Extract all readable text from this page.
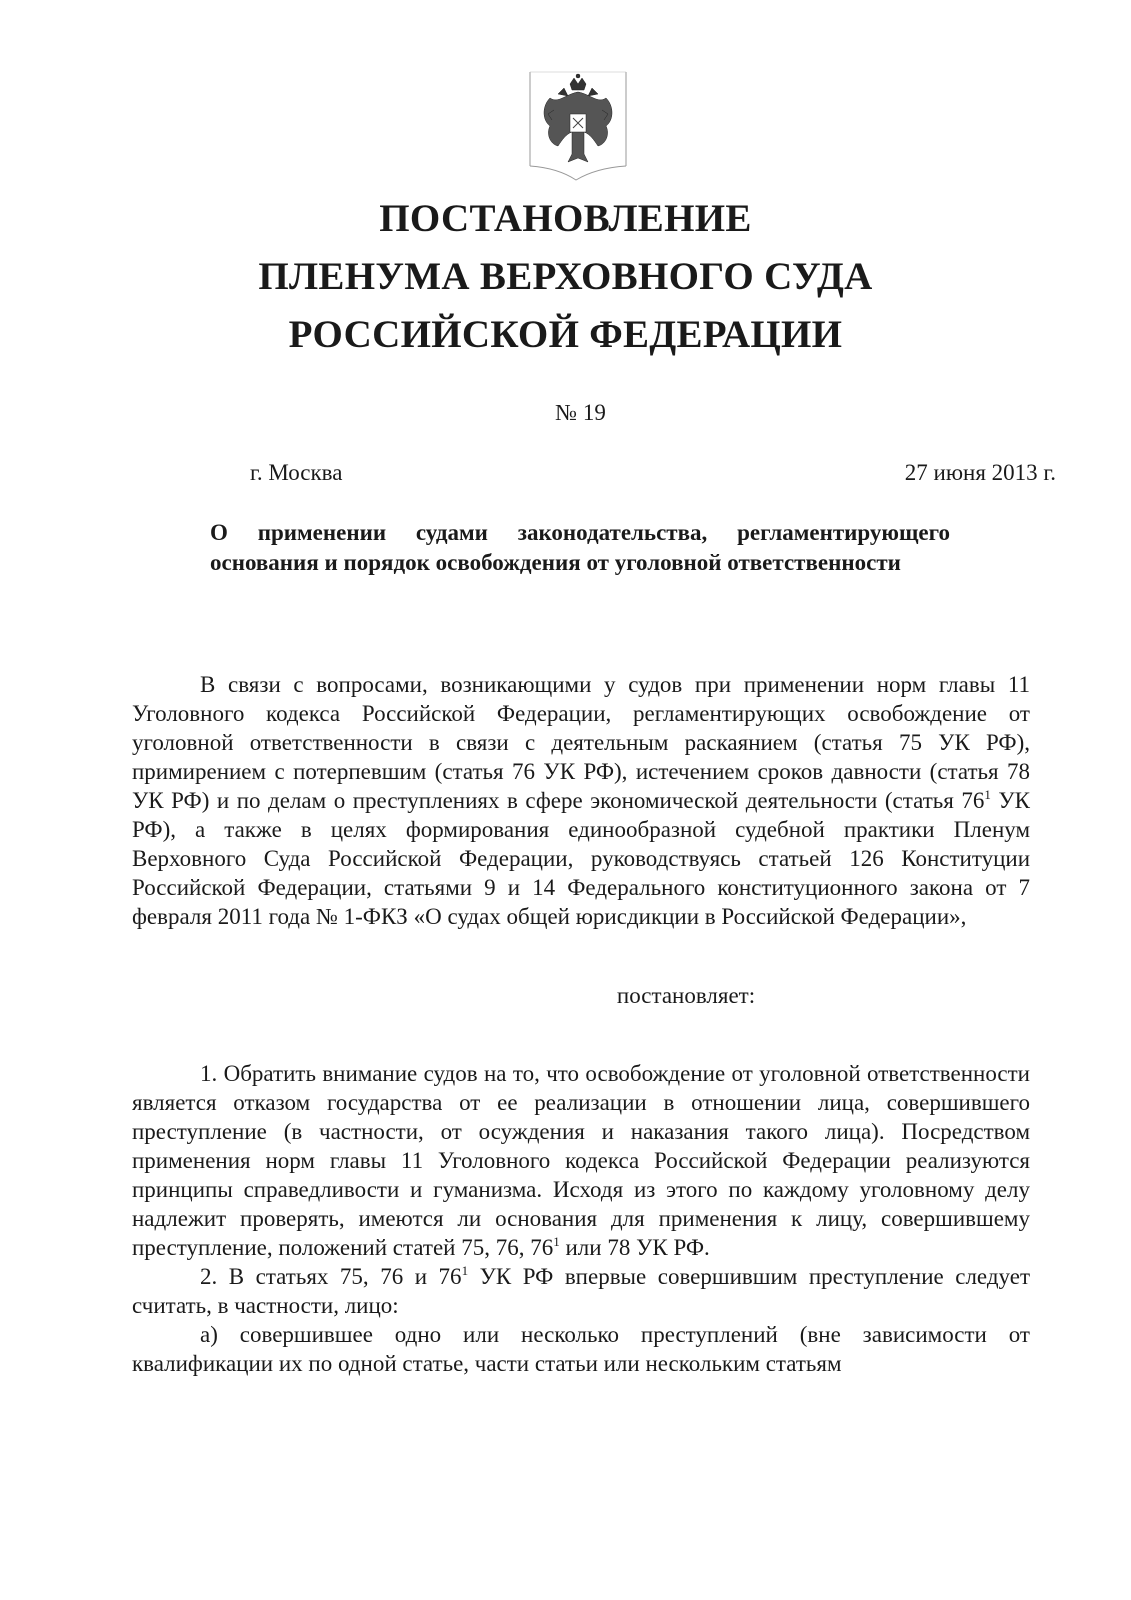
ПОСТАНОВЛЕНИЕ
ПЛЕНУМА ВЕРХОВНОГО СУДА
РОССИЙСКОЙ ФЕДЕРАЦИИ
№ 19
г. Москва	27 июня 2013 г.
О применении судами законодательства, регламентирующего основания и порядок освобождения от уголовной ответственности

В связи с вопросами, возникающими у судов при применении норм главы 11 Уголовного кодекса Российской Федерации, регламентирующих освобождение от уголовной ответственности в связи с деятельным раскаянием (статья 75 УК РФ), примирением с потерпевшим (статья 76 УК РФ), истечением сроков давности (статья 78 УК РФ) и по делам о преступлениях в сфере экономической деятельности (статья $76^1$ УК РФ), а также в целях формирования единообразной судебной практики Пленум Верховного Суда Российской Федерации, руководствуясь статьей 126 Конституции Российской Федерации, статьями 9 и 14 Федерального конституционного закона от 7 февраля 2011 года № 1-ФКЗ «О судах общей юрисдикции в Российской Федерации»,

постановляет:

1. Обратить внимание судов на то, что освобождение от уголовной ответственности является отказом государства от ее реализации в отношении лица, совершившего преступление (в частности, от осуждения и наказания такого лица). Посредством применения норм главы 11 Уголовного кодекса Российской Федерации реализуются принципы справедливости и гуманизма. Исходя из этого по каждому уголовному делу надлежит проверять, имеются ли основания для применения к лицу, совершившему преступление, положений статей 75, 76, $76^1$ или 78 УК РФ.

2. В статьях 75, 76 и $76^1$ УК РФ впервые совершившим преступление следует считать, в частности, лицо:

а) совершившее одно или несколько преступлений (вне зависимости от квалификации их по одной статье, части статьи или нескольким статьям
